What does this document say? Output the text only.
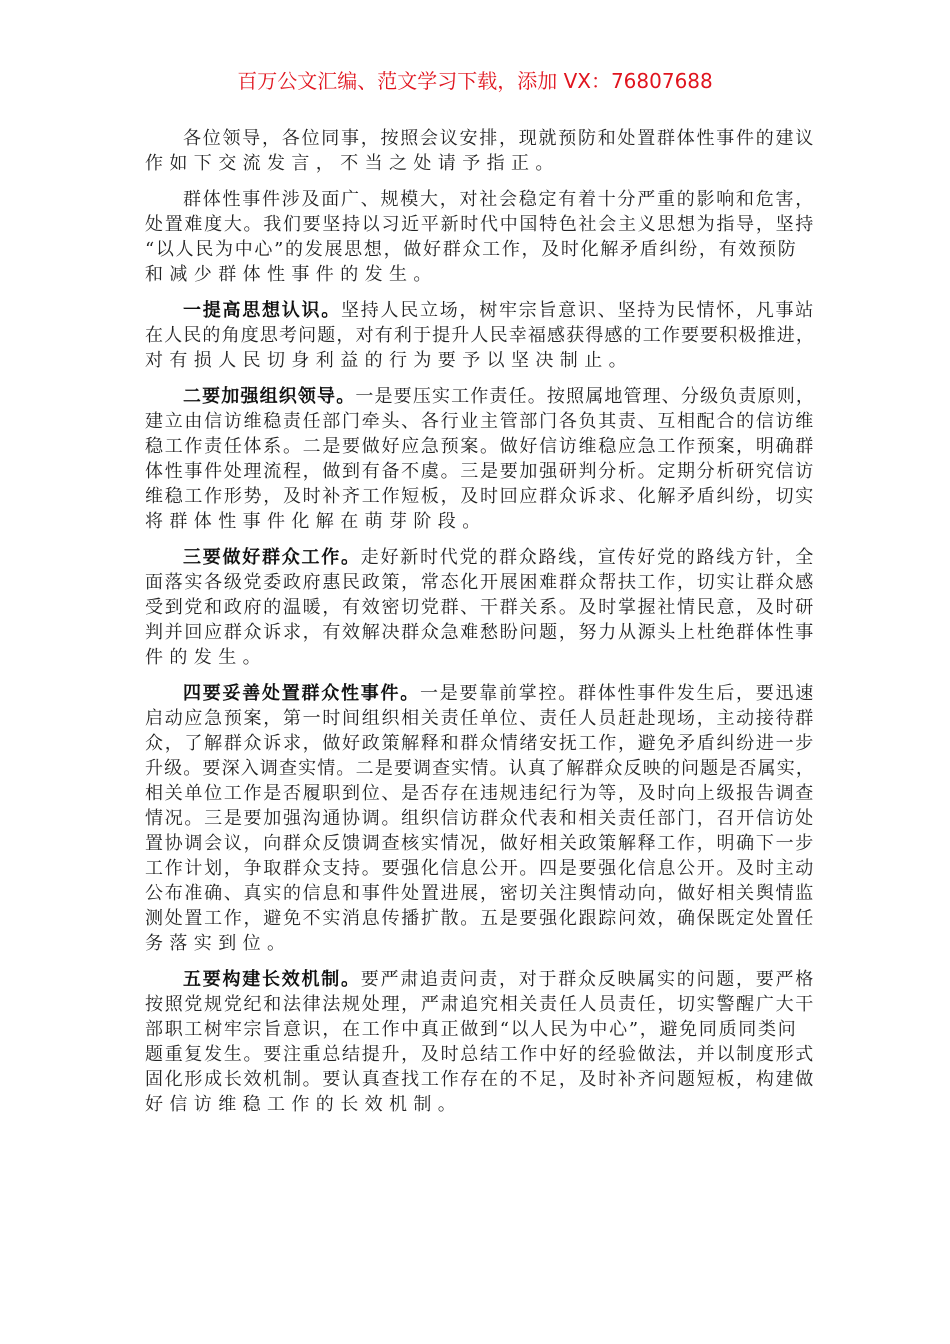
百万公文汇编、范文学习下载，添加 VX：76807688
各位领导，各位同事，按照会议安排，现就预防和处置群体性事件的建议
作如下交流发言，不当之处请予指正。
群体性事件涉及面广、规模大，对社会稳定有着十分严重的影响和危害，
处置难度大。我们要坚持以习近平新时代中国特色社会主义思想为指导，坚持
“以人民为中心”的发展思想，做好群众工作，及时化解矛盾纠纷，有效预防
和减少群体性事件的发生。
一提高思想认识。坚持人民立场，树牢宗旨意识、坚持为民情怀，凡事站
在人民的角度思考问题，对有利于提升人民幸福感获得感的工作要要积极推进，
对有损人民切身利益的行为要予以坚决制止。
二要加强组织领导。一是要压实工作责任。按照属地管理、分级负责原则，
建立由信访维稳责任部门牵头、各行业主管部门各负其责、互相配合的信访维
稳工作责任体系。二是要做好应急预案。做好信访维稳应急工作预案，明确群
体性事件处理流程，做到有备不虞。三是要加强研判分析。定期分析研究信访
维稳工作形势，及时补齐工作短板，及时回应群众诉求、化解矛盾纠纷，切实
将群体性事件化解在萌芽阶段。
三要做好群众工作。走好新时代党的群众路线，宣传好党的路线方针，全
面落实各级党委政府惠民政策，常态化开展困难群众帮扶工作，切实让群众感
受到党和政府的温暖，有效密切党群、干群关系。及时掌握社情民意，及时研
判并回应群众诉求，有效解决群众急难愁盼问题，努力从源头上杜绝群体性事
件的发生。
四要妥善处置群众性事件。一是要靠前掌控。群体性事件发生后，要迅速
启动应急预案，第一时间组织相关责任单位、责任人员赶赴现场，主动接待群
众，了解群众诉求，做好政策解释和群众情绪安抚工作，避免矛盾纠纷进一步
升级。要深入调查实情。二是要调查实情。认真了解群众反映的问题是否属实，
相关单位工作是否履职到位、是否存在违规违纪行为等，及时向上级报告调查
情况。三是要加强沟通协调。组织信访群众代表和相关责任部门，召开信访处
置协调会议，向群众反馈调查核实情况，做好相关政策解释工作，明确下一步
工作计划，争取群众支持。要强化信息公开。四是要强化信息公开。及时主动
公布准确、真实的信息和事件处置进展，密切关注舆情动向，做好相关舆情监
测处置工作，避免不实消息传播扩散。五是要强化跟踪问效，确保既定处置任
务落实到位。
五要构建长效机制。要严肃追责问责，对于群众反映属实的问题，要严格
按照党规党纪和法律法规处理，严肃追究相关责任人员责任，切实警醒广大干
部职工树牢宗旨意识，在工作中真正做到“以人民为中心”，避免同质同类问
题重复发生。要注重总结提升，及时总结工作中好的经验做法，并以制度形式
固化形成长效机制。要认真查找工作存在的不足，及时补齐问题短板，构建做
好信访维稳工作的长效机制。
